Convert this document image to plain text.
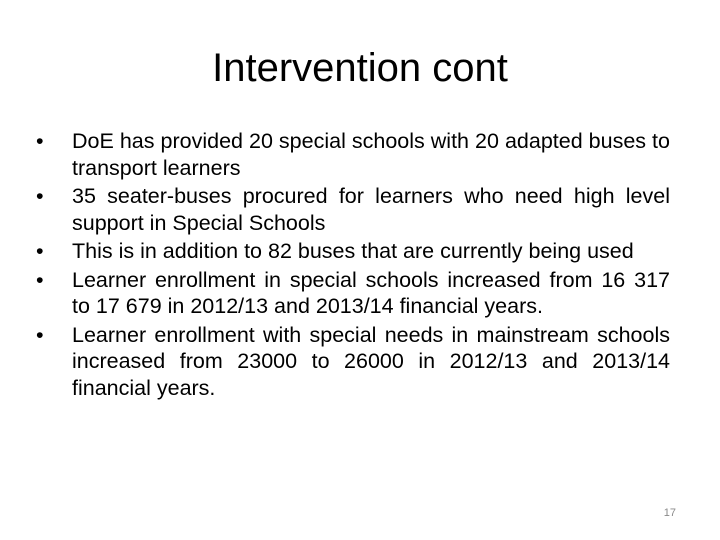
Intervention cont
• DoЕ has provided 20 special schools with 20 adapted buses to transport learners
• 35 seater-buses procured for learners who need high level support in Special Schools
• This is in addition to 82 buses that are currently being used
• Learner enrollment in special schools increased from 16 317 to 17 679 in 2012/13 and 2013/14 financial years.
• Learner enrollment with special needs in mainstream schools increased from 23000 to 26000 in 2012/13 and 2013/14 financial years.
17
